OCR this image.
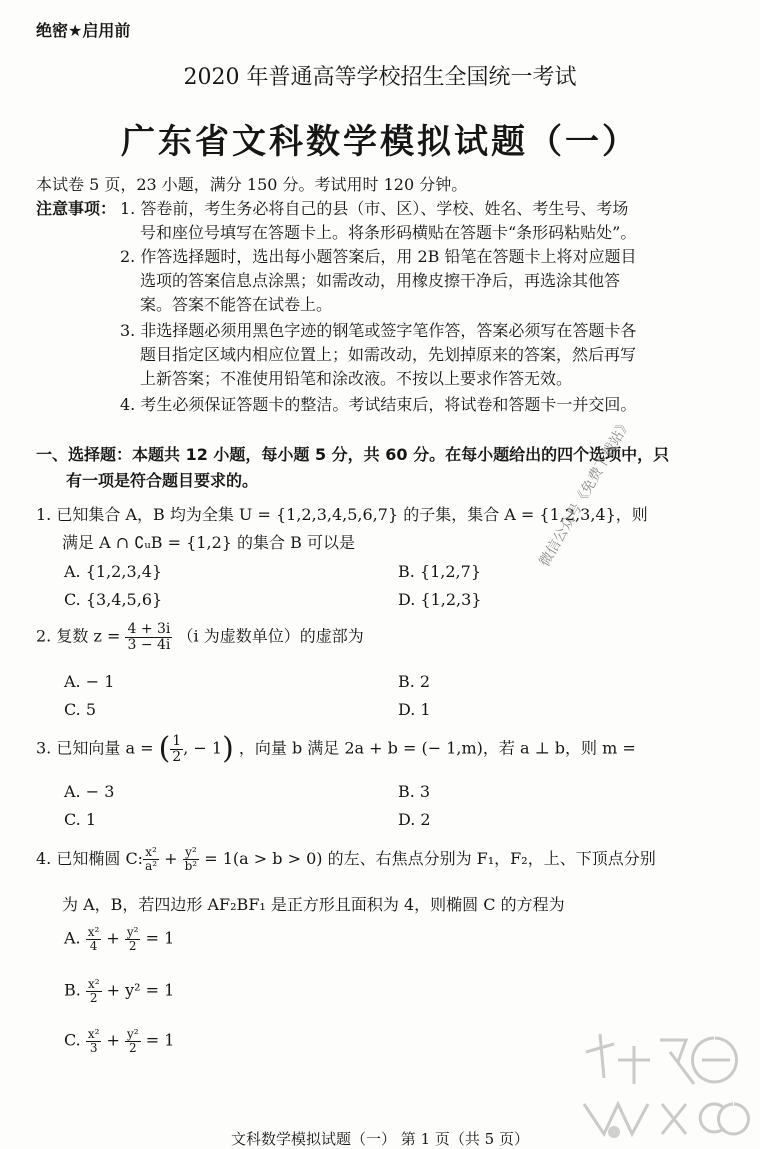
绝密★启用前
2020 年普通高等学校招生全国统一考试
广东省文科数学模拟试题（一）
本试卷 5 页，23 小题，满分 150 分。考试用时 120 分钟。
注意事项： 1. 答卷前，考生务必将自己的县（市、区）、学校、姓名、考生号、考场
号和座位号填写在答题卡上。将条形码横贴在答题卡“条形码粘贴处”。
2. 作答选择题时，选出每小题答案后，用 2B 铅笔在答题卡上将对应题目
选项的答案信息点涂黑；如需改动，用橡皮擦干净后，再选涂其他答
案。答案不能答在试卷上。
3. 非选择题必须用黑色字迹的钢笔或签字笔作答，答案必须写在答题卡各
题目指定区域内相应位置上；如需改动，先划掉原来的答案，然后再写
上新答案；不准使用铅笔和涂改液。不按以上要求作答无效。
4. 考生必须保证答题卡的整洁。考试结束后，将试卷和答题卡一并交回。
一、选择题：本题共 12 小题，每小题 5 分，共 60 分。在每小题给出的四个选项中，只
有一项是符合题目要求的。
1. 已知集合 A，B 均为全集 U = {1,2,3,4,5,6,7} 的子集，集合 A = {1,2,3,4}，则
满足 A ∩ ∁ᵤB = {1,2} 的集合 B 可以是
A. {1,2,3,4}	B. {1,2,7}
C. {3,4,5,6}	D. {1,2,3}
2. 复数 $z = \frac{4 + 3i}{3 - 4i} (i$ 为虚数单位）的虚部为
A. − 1	B. 2
C. 5	D. 1
3. 已知向量 a = ( $\frac{1}{2}$ , − 1) ，向量 b 满足 2a + b = (− 1,m)，若 a ⊥ b，则 m =
A. − 3	B. 3
C. 1	D. 2
4. 已知椭圆 C: $\frac{\text{x²}}{\text{a²}} + \frac{\text{y²}}{\text{b²}} = 1(a > b > 0)$ 的左、右焦点分别为 F₁，F₂，上、下顶点分别
为 A，B，若四边形 AF₂BF₁ 是正方形且面积为 4，则椭圆 C 的方程为
A. $\frac{\text{x²}}{4} + \frac{\text{y²}}{2} = 1$
B. $\frac{\text{x²}}{2} + y^2 = 1$
C. $\frac{\text{x²}}{3} + \frac{\text{y²}}{2} = 1$
微信公众号《免费下载站》
文科数学模拟试题（一） 第 1 页（共 5 页）
